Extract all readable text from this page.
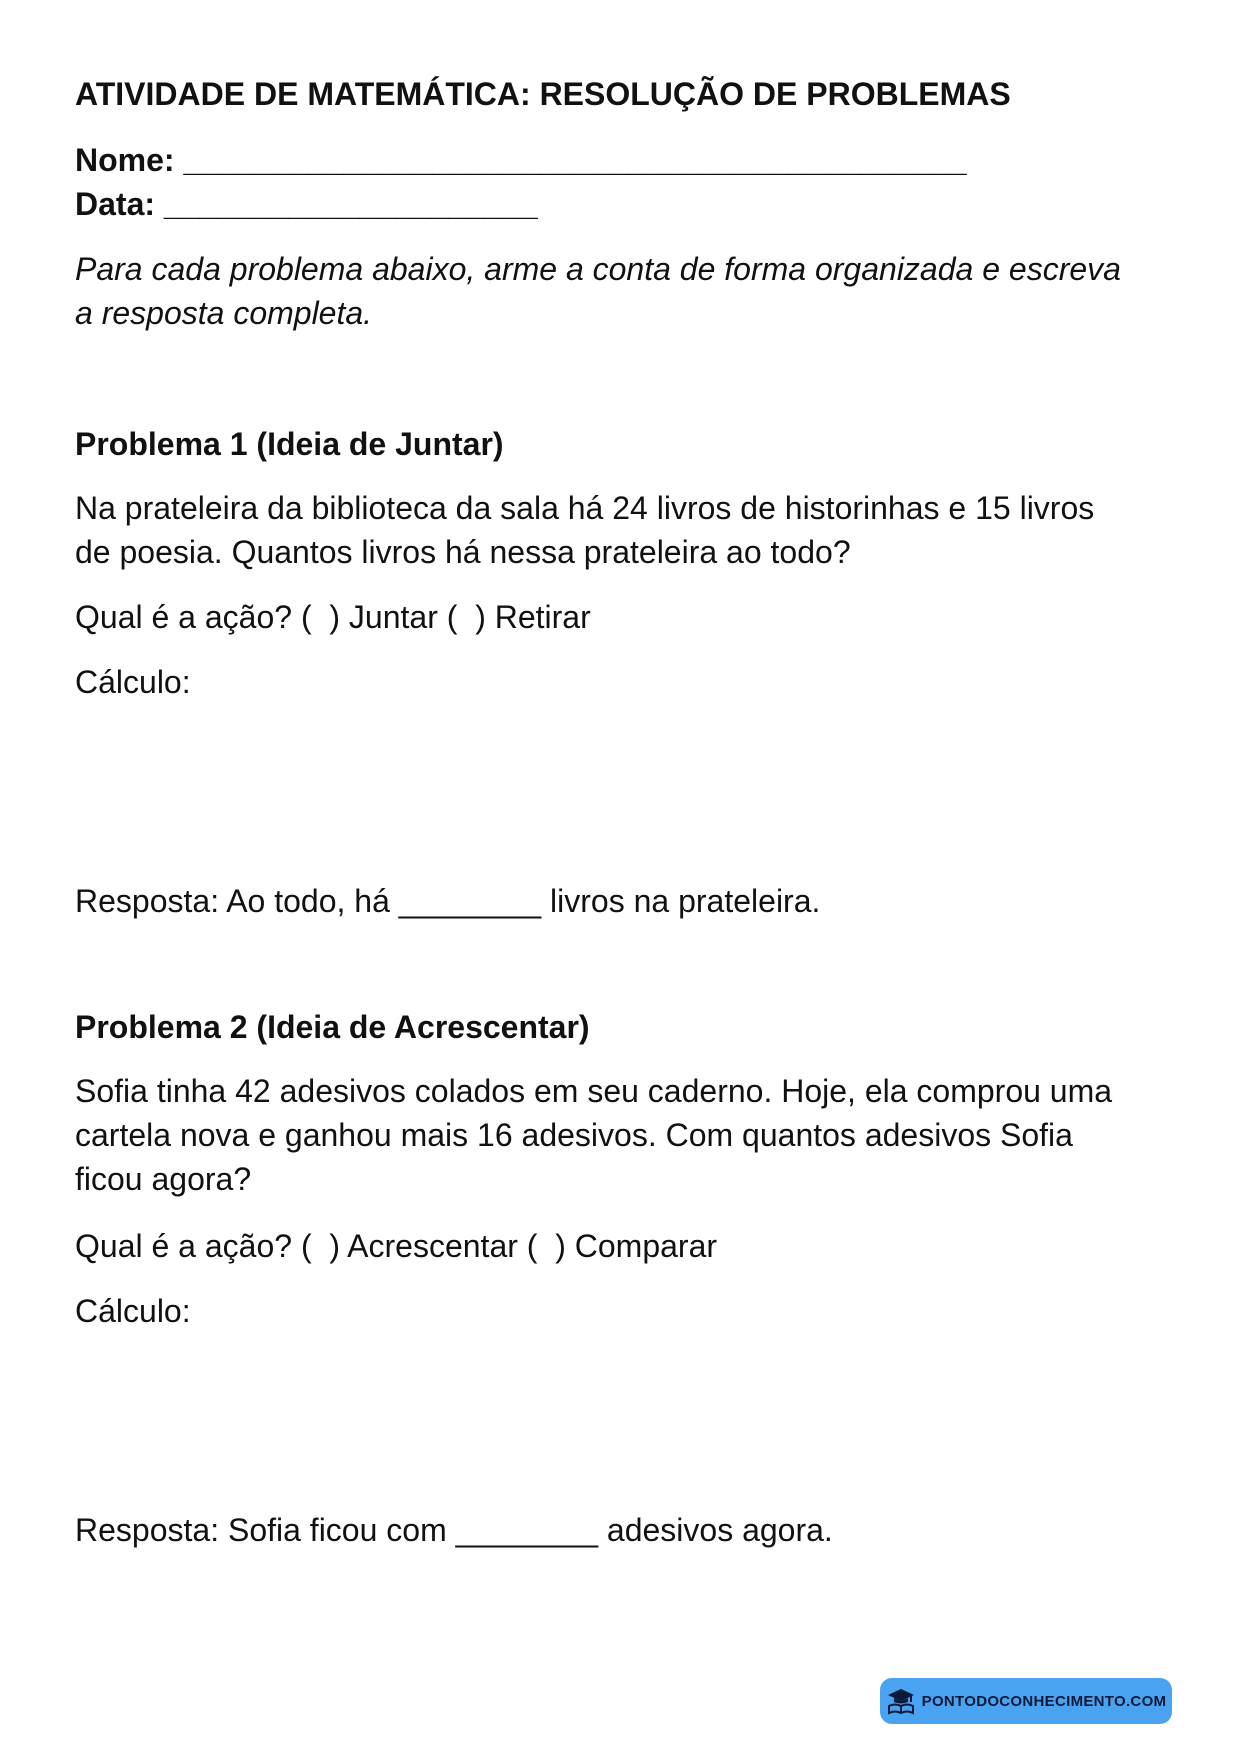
ATIVIDADE DE MATEMÁTICA: RESOLUÇÃO DE PROBLEMAS
Nome: ____________________________________________
Data: _____________________
Para cada problema abaixo, arme a conta de forma organizada e escreva
a resposta completa.
Problema 1 (Ideia de Juntar)
Na prateleira da biblioteca da sala há 24 livros de historinhas e 15 livros
de poesia. Quantos livros há nessa prateleira ao todo?
Qual é a ação? (  ) Juntar (  ) Retirar
Cálculo:
Resposta: Ao todo, há ________ livros na prateleira.
Problema 2 (Ideia de Acrescentar)
Sofia tinha 42 adesivos colados em seu caderno. Hoje, ela comprou uma
cartela nova e ganhou mais 16 adesivos. Com quantos adesivos Sofia
ficou agora?
Qual é a ação? (  ) Acrescentar (  ) Comparar
Cálculo:
Resposta: Sofia ficou com ________ adesivos agora.
PONTODOCONHECIMENTO.COM
